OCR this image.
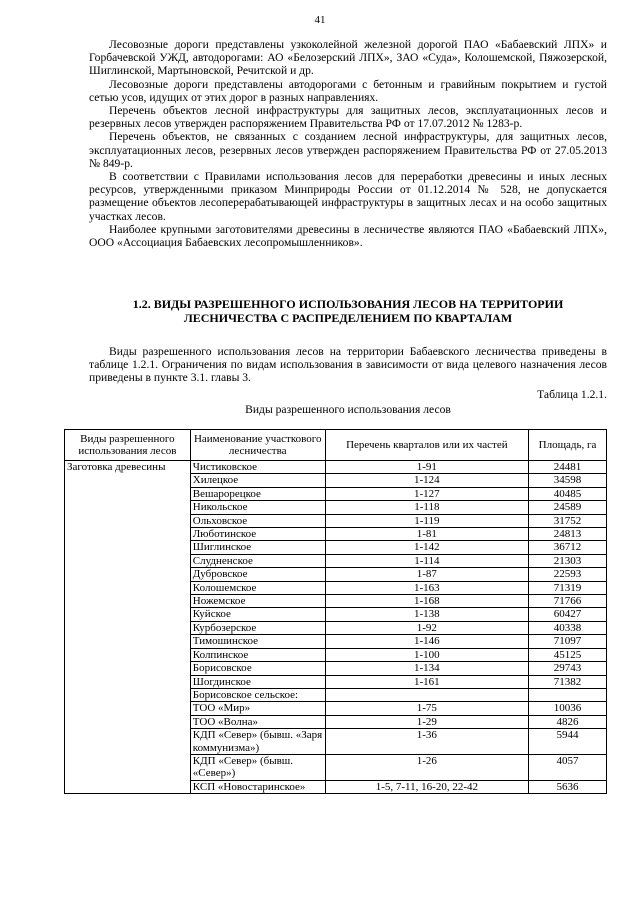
41

Лесовозные дороги представлены узкоколейной железной дорогой ПАО «Бабаевский ЛПХ» и Горбачевской УЖД, автодорогами: АО «Белозерский ЛПХ», ЗАО «Суда», Колошемской, Пяжозерской, Шиглинской, Мартыновской, Речитской и др.

Лесовозные дороги представлены автодорогами с бетонным и гравийным покрытием и густой сетью усов, идущих от этих дорог в разных направлениях.

Перечень объектов лесной инфраструктуры для защитных лесов, эксплуатационных лесов и резервных лесов утвержден распоряжением Правительства РФ от 17.07.2012 № 1283-р.

Перечень объектов, не связанных с созданием лесной инфраструктуры, для защитных лесов, эксплуатационных лесов, резервных лесов утвержден распоряжением Правительства РФ от 27.05.2013 № 849-р.

В соответствии с Правилами использования лесов для переработки древесины и иных лесных ресурсов, утвержденными приказом Минприроды России от 01.12.2014 № 528, не допускается размещение объектов лесоперерабатывающей инфраструктуры в защитных лесах и на особо защитных участках лесов.

Наиболее крупными заготовителями древесины в лесничестве являются ПАО «Бабаевский ЛПХ», ООО «Ассоциация Бабаевских лесопромышленников».

1.2. ВИДЫ РАЗРЕШЕННОГО ИСПОЛЬЗОВАНИЯ ЛЕСОВ НА ТЕРРИТОРИИ
ЛЕСНИЧЕСТВА С РАСПРЕДЕЛЕНИЕМ ПО КВАРТАЛАМ

Виды разрешенного использования лесов на территории Бабаевского лесничества приведены в таблице 1.2.1. Ограничения по видам использования в зависимости от вида целевого назначения лесов приведены в пункте 3.1. главы 3.

Таблица 1.2.1.
Виды разрешенного использования лесов
Виды разрешенного использования лесов	Наименование участкового лесничества	Перечень кварталов или их частей	Площадь, га
Заготовка древесины	Чистиковское	1-91	24481
	Хилецкое	1-124	34598
	Вешарорецкое	1-127	40485
	Никольское	1-118	24589
	Ольховское	1-119	31752
	Люботинское	1-81	24813
	Шиглинское	1-142	36712
	Слудненское	1-114	21303
	Дубровское	1-87	22593
	Колошемское	1-163	71319
	Ножемское	1-168	71766
	Куйское	1-138	60427
	Курбозерское	1-92	40338
	Тимошинское	1-146	71097
	Колпинское	1-100	45125
	Борисовское	1-134	29743
	Шогдинское	1-161	71382
	Борисовское сельское:		
	ТОО «Мир»	1-75	10036
	ТОО «Волна»	1-29	4826
	КДП «Север» (бывш. «Заря коммунизма»)	1-36	5944
	КДП «Север» (бывш. «Север»)	1-26	4057
	КСП «Новостаринское»	1-5, 7-11, 16-20, 22-42	5636
